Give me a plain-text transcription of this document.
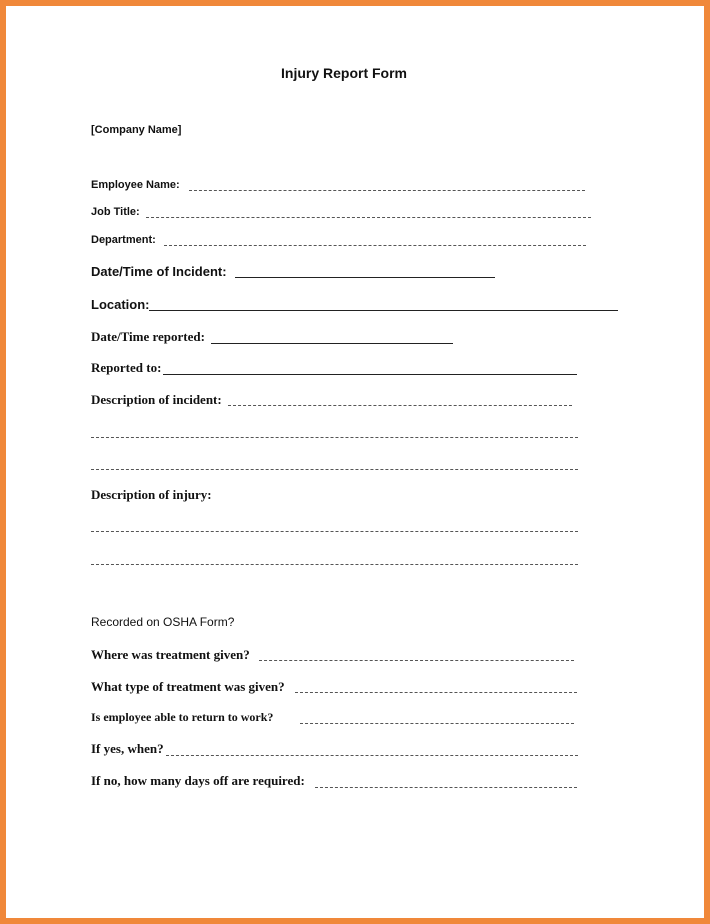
Injury Report Form
[Company Name]
Employee Name:
Job Title:
Department:
Date/Time of Incident:
Location:
Date/Time reported:
Reported to:
Description of incident:
Description of injury:
Recorded on OSHA Form?
Where was treatment given?
What type of treatment was given?
Is employee able to return to work?
If yes, when?
If no, how many days off are required:
